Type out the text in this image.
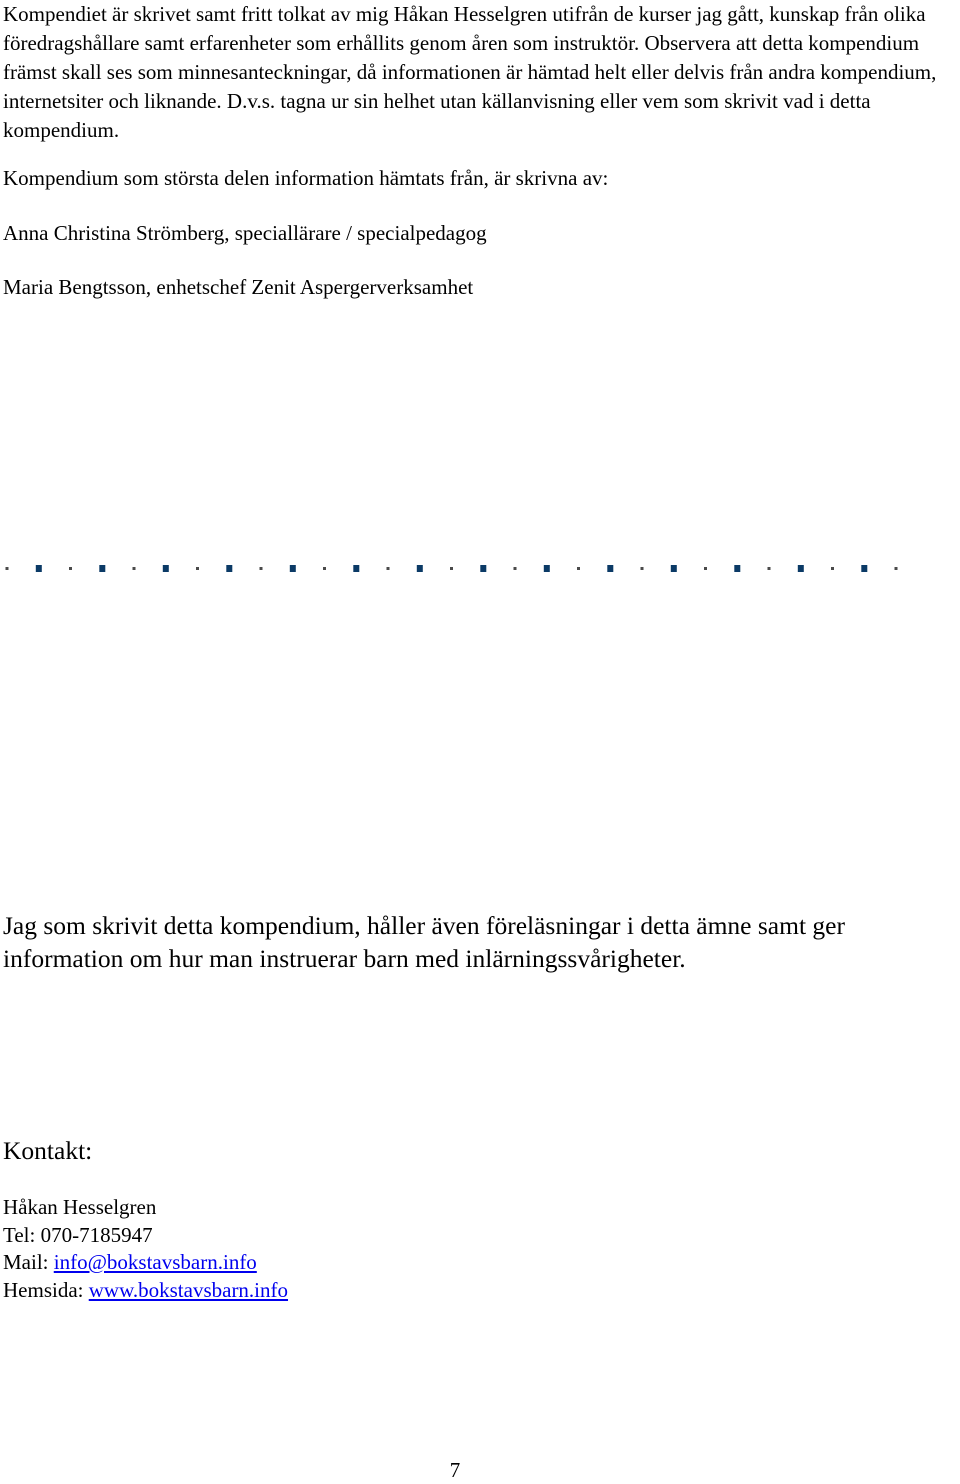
Kompendiet är skrivet samt fritt tolkat av mig Håkan Hesselgren utifrån de kurser jag gått, kunskap från olika föredragshållare samt erfarenheter som erhållits genom åren som instruktör. Observera att detta kompendium främst skall ses som minnesanteckningar, då informationen är hämtad helt eller delvis från andra kompendium, internetsiter och liknande. D.v.s. tagna ur sin helhet utan källanvisning eller vem som skrivit vad i detta kompendium.

Kompendium som största delen information hämtats från, är skrivna av:

Anna Christina Strömberg, speciallärare / specialpedagog

Maria Bengtsson, enhetschef Zenit Aspergerverksamhet

Jag som skrivit detta kompendium, håller även föreläsningar i detta ämne samt ger information om hur man instruerar barn med inlärningssvårigheter.

Kontakt:

Håkan Hesselgren
Tel: 070-7185947
Mail: info@bokstavsbarn.info
Hemsida: www.bokstavsbarn.info

7
